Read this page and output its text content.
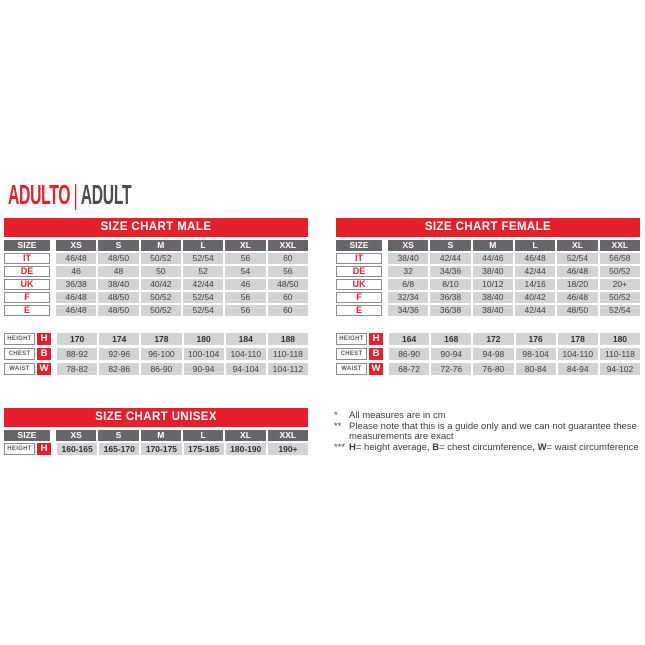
ADULTO | ADULT
SIZE CHART MALE
SIZE	XS	S	M	L	XL	XXL
IT	46/48	48/50	50/52	52/54	56	60
DE	46	48	50	52	54	56
UK	36/38	38/40	40/42	42/44	46	48/50
F	46/48	48/50	50/52	52/54	56	60
E	46/48	48/50	50/52	52/54	56	60
HEIGHT H	170	174	178	180	184	188
CHEST	B	88-92	92-96	96-100	100-104	104-110	110-118
WAIST	W	78-82	82-86	86-90	90-94	94-104	104-112
SIZE CHART FEMALE
SIZE	XS	S	M	L	XL	XXL
IT	38/40	42/44	44/46	46/48	52/54	56/58
DE	32	34/36	38/40	42/44	46/48	50/52
UK	6/8	8/10	10/12	14/16	18/20	20+
F	32/34	36/38	38/40	40/42	46/48	50/52
E	34/36	36/38	38/40	42/44	48/50	52/54
HEIGHT H	164	168	172	176	178	180
CHEST	B	86-90	90-94	94-98	98-104	104-110	110-118
WAIST	W	68-72	72-76	76-80	80-84	84-94	94-102
SIZE CHART UNISEX
SIZE	XS	S	M	L	XL	XXL
HEIGHT H	160-165	165-170	170-175	175-185	180-190	190+
*	All measures are in cm
** Please note that this is a guide only and we can not guarantee these measurements are exact
*** H= height average, B= chest circumference, W= waist circumference
